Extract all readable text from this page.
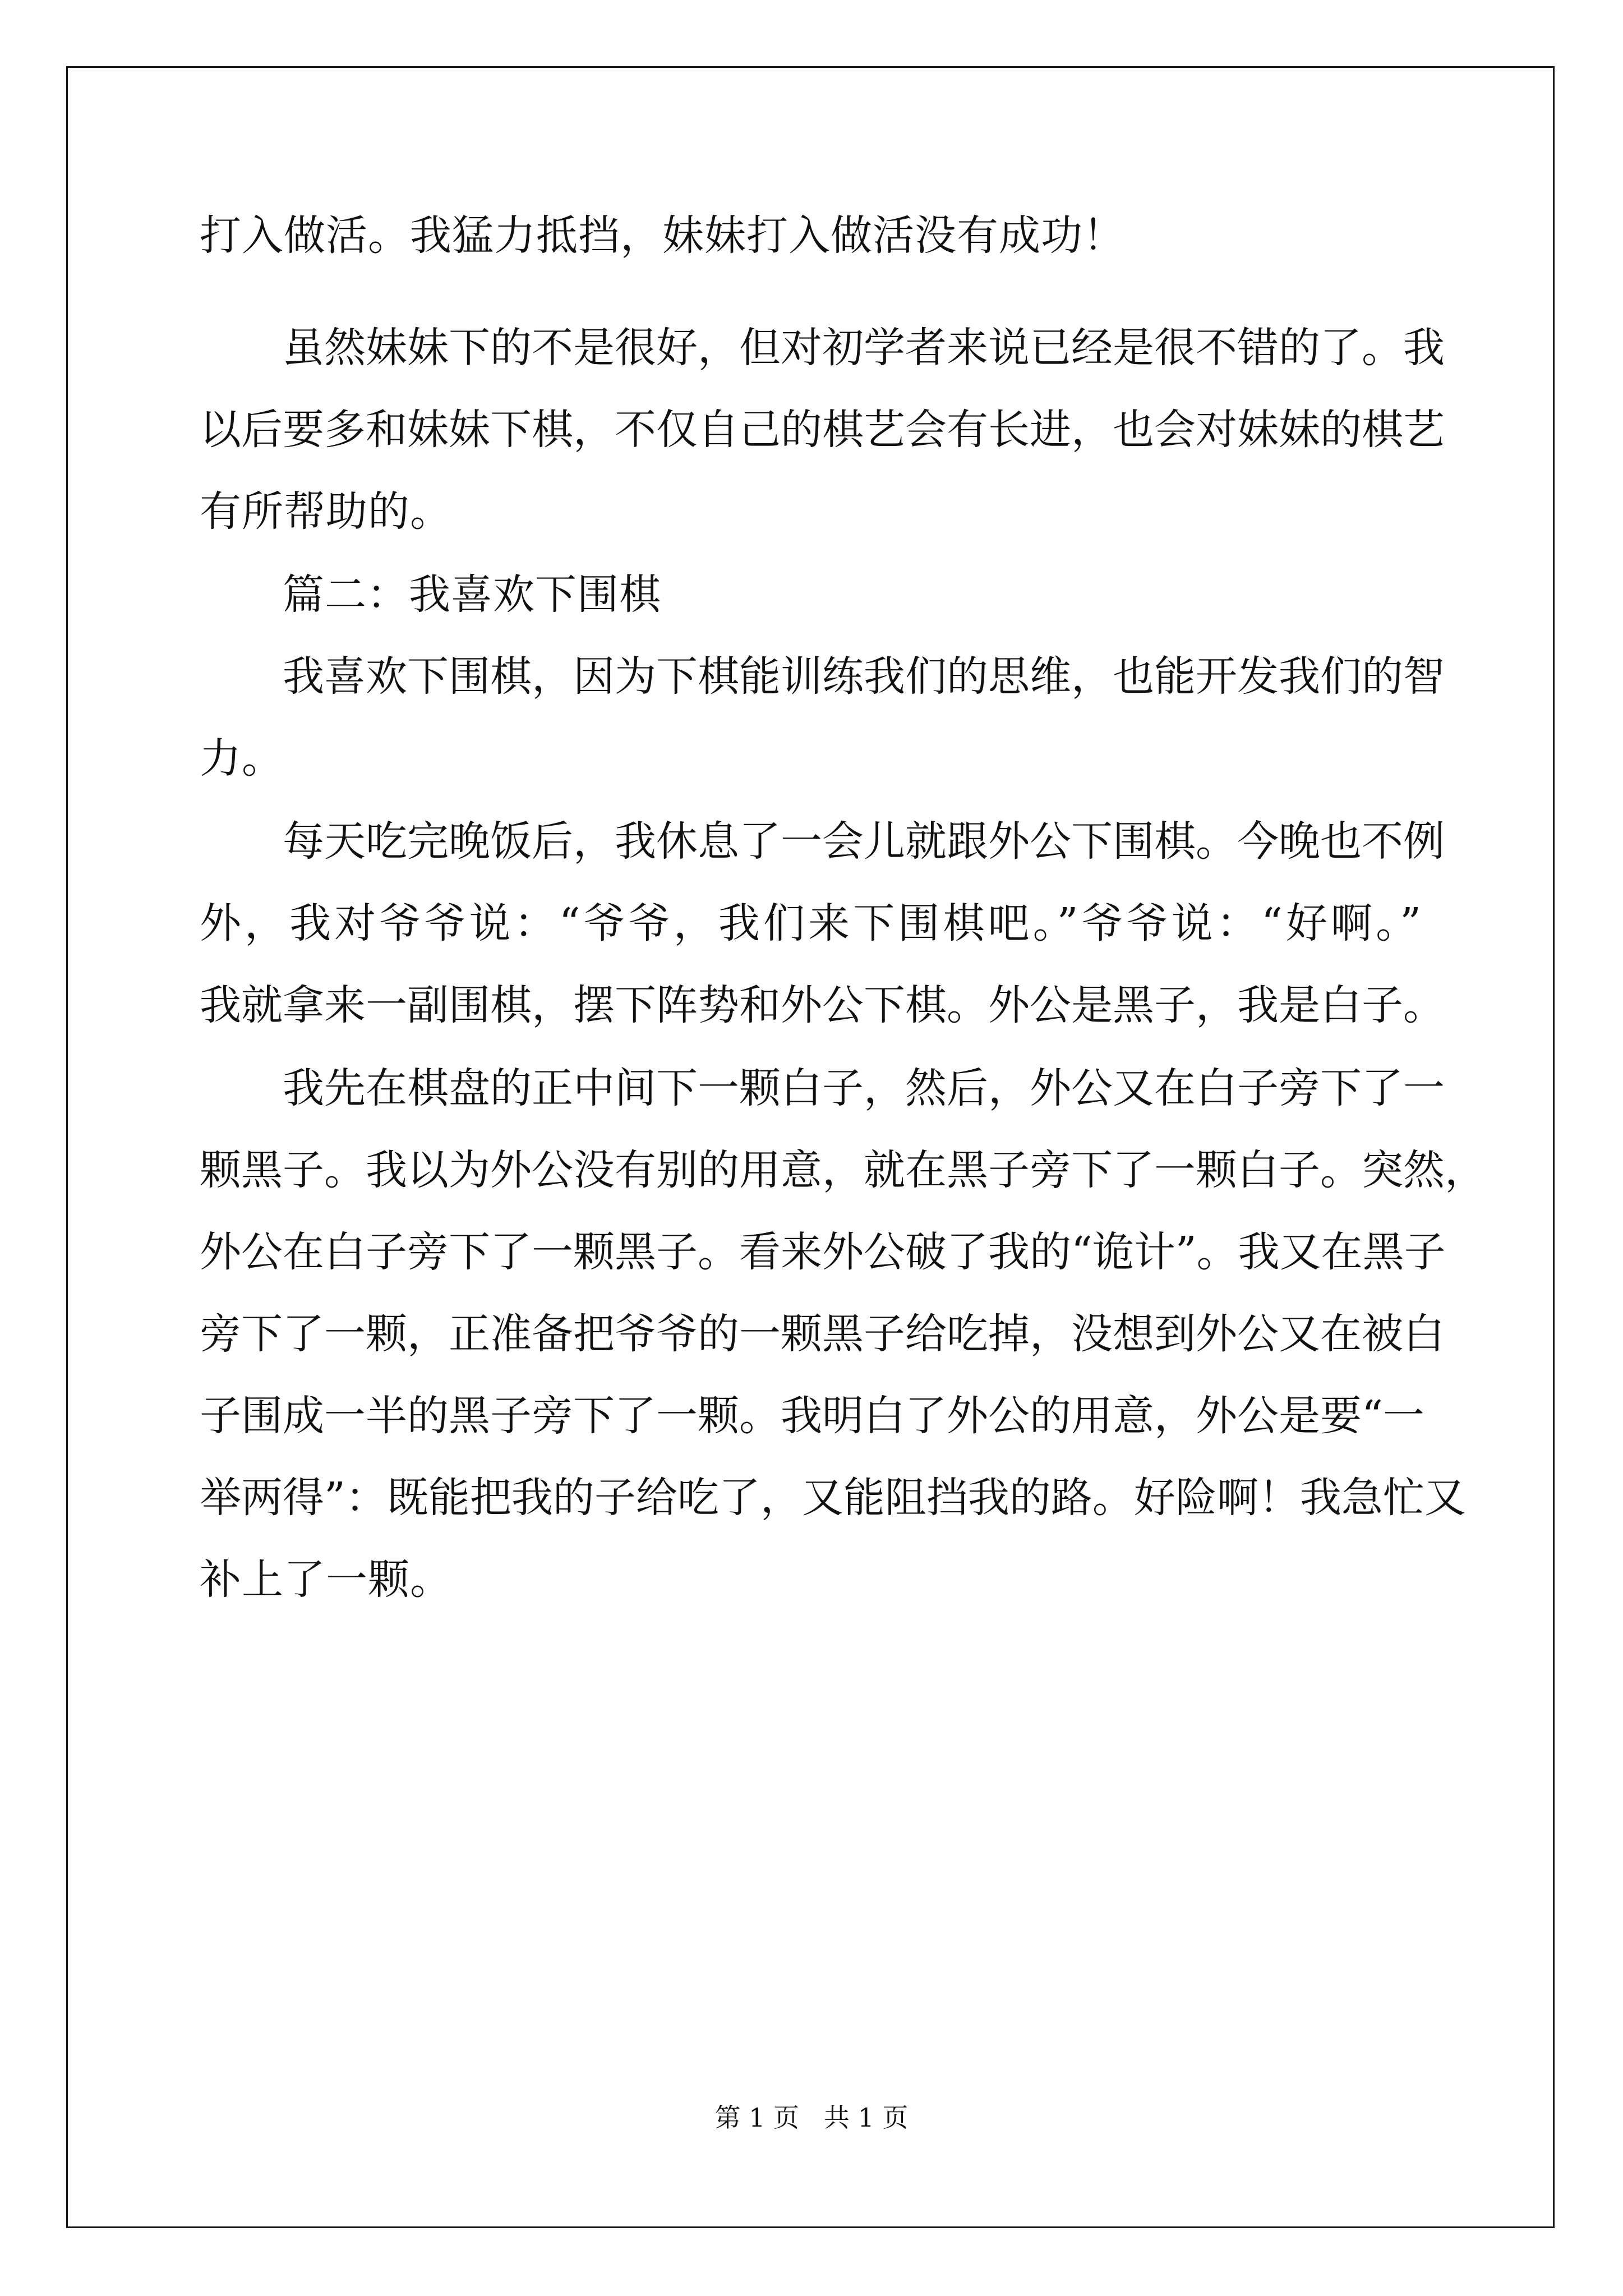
打入做活。我猛力抵挡，妹妹打入做活没有成功！
虽然妹妹下的不是很好，但对初学者来说已经是很不错的了。我
以后要多和妹妹下棋，不仅自己的棋艺会有长进，也会对妹妹的棋艺
有所帮助的。
篇二：我喜欢下围棋
我喜欢下围棋，因为下棋能训练我们的思维，也能开发我们的智
力。
每天吃完晚饭后，我休息了一会儿就跟外公下围棋。今晚也不例
外，我对爷爷说：“爷爷，我们来下围棋吧。”爷爷说：“好啊。”
我就拿来一副围棋，摆下阵势和外公下棋。外公是黑子，我是白子。
我先在棋盘的正中间下一颗白子，然后，外公又在白子旁下了一
颗黑子。我以为外公没有别的用意，就在黑子旁下了一颗白子。突然，
外公在白子旁下了一颗黑子。看来外公破了我的“诡计”。我又在黑子
旁下了一颗，正准备把爷爷的一颗黑子给吃掉，没想到外公又在被白
子围成一半的黑子旁下了一颗。我明白了外公的用意，外公是要“一
举两得”：既能把我的子给吃了，又能阻挡我的路。好险啊！我急忙又
补上了一颗。
第 1 页   共 1 页
